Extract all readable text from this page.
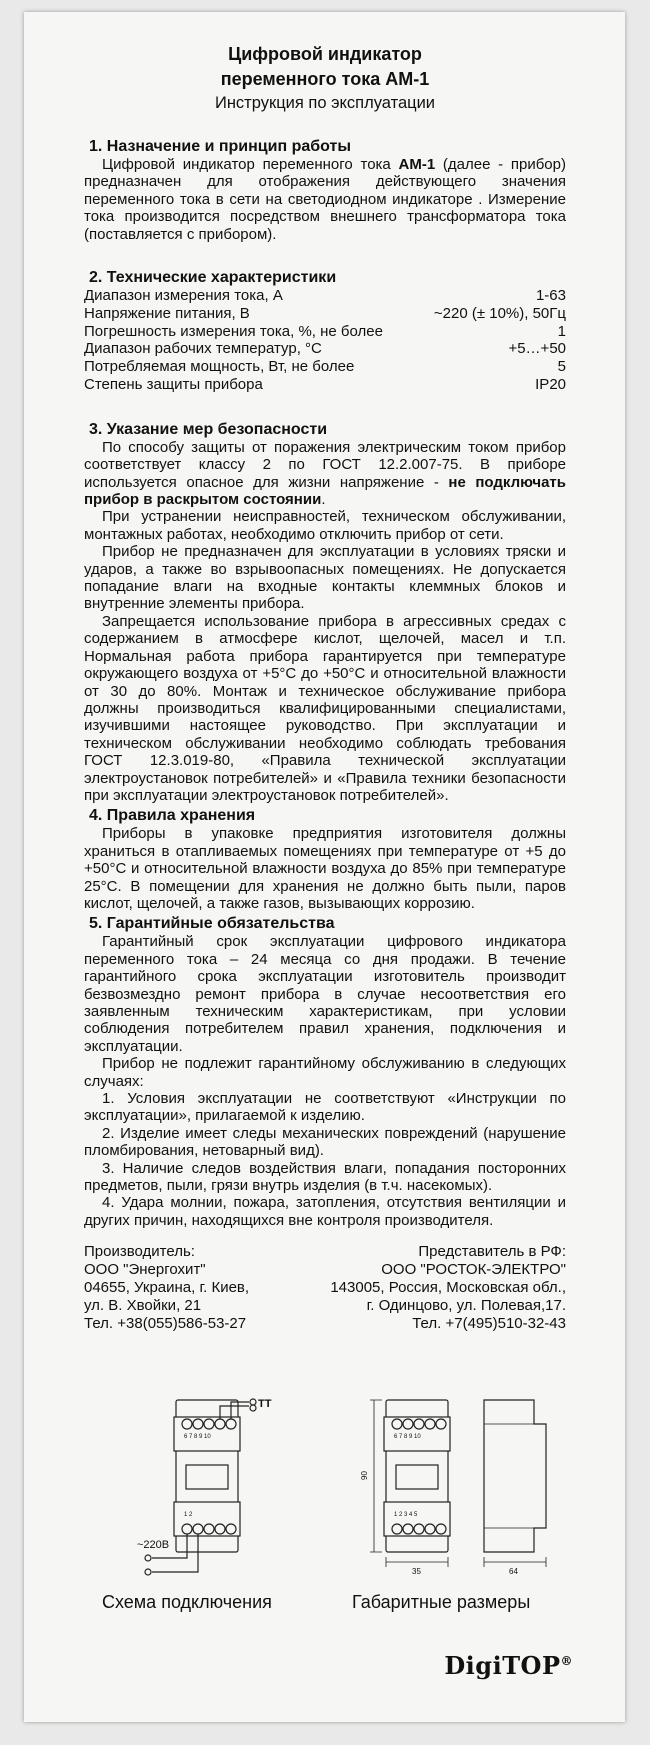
Цифровой индикатор
переменного тока АМ-1
Инструкция по эксплуатации
1. Назначение и принцип работы

Цифровой индикатор переменного тока АМ-1 (далее - прибор) предназначен для отображения действующего значения переменного тока в сети на светодиодном индикаторе . Измерение тока производится посредством внешнего трансформатора тока (поставляется с прибором).

2. Технические характеристики
Диапазон измерения тока, А	1-63
Напряжение питания, В	~220 (± 10%), 50Гц
Погрешность измерения тока, %, не более	1
Диапазон рабочих температур, °С	+5…+50
Потребляемая мощность, Вт, не более	5
Степень защиты прибора	IP20
3. Указание мер безопасности

По способу защиты от поражения электрическим током прибор соответствует классу 2 по ГОСТ 12.2.007-75. В приборе используется опасное для жизни напряжение - не подключать прибор в раскрытом состоянии.

При устранении неисправностей, техническом обслуживании, монтажных работах, необходимо отключить прибор от сети.

Прибор не предназначен для эксплуатации в условиях тряски и ударов, а также во взрывоопасных помещениях. Не допускается попадание влаги на входные контакты клеммных блоков и внутренние элементы прибора.

Запрещается использование прибора в агрессивных средах с содержанием в атмосфере кислот, щелочей, масел и т.п. Нормальная работа прибора гарантируется при температуре окружающего воздуха от +5°С до +50°С и относительной влажности от 30 до 80%. Монтаж и техническое обслуживание прибора должны производиться квалифицированными специалистами, изучившими настоящее руководство. При эксплуатации и техническом обслуживании необходимо соблюдать требования ГОСТ 12.3.019-80, «Правила технической эксплуатации электроустановок потребителей» и «Правила техники безопасности при эксплуатации электроустановок потребителей».

4. Правила хранения

Приборы в упаковке предприятия изготовителя должны храниться в отапливаемых помещениях при температуре от +5 до +50°С и относительной влажности воздуха до 85% при температуре 25°С. В помещении для хранения не должно быть пыли, паров кислот, щелочей, а также газов, вызывающих коррозию.

5. Гарантийные обязательства

Гарантийный срок эксплуатации цифрового индикатора переменного тока – 24 месяца со дня продажи. В течение гарантийного срока эксплуатации изготовитель производит безвозмездно ремонт прибора в случае несоответствия его заявленным техническим характеристикам, при условии соблюдения потребителем правил хранения, подключения и эксплуатации.

Прибор не подлежит гарантийному обслуживанию в следующих случаях:

1. Условия эксплуатации не соответствуют «Инструкции по эксплуатации», прилагаемой к изделию.

2. Изделие имеет следы механических повреждений (нарушение пломбирования, нетоварный вид).

3. Наличие следов воздействия влаги, попадания посторонних предметов, пыли, грязи внутрь изделия (в т.ч. насекомых).

4. Удара молнии, пожара, затопления, отсутствия вентиляции и других причин, находящихся вне контроля производителя.

Производитель:
ООО "Энергохит"
04655, Украина, г. Киев,
ул. В. Хвойки, 21
Тел. +38(055)586-53-27
Представитель в РФ:
ООО "РОСТОК-ЭЛЕКТРО"
143005, Россия, Московская обл.,
г. Одинцово, ул. Полевая,17.
Тел. +7(495)510-32-43
ТТ
~220В
6 7 8 9 10
1 2
90
35
6 7 8 9 10
1 2 3 4 5
64
Схема подключения	Габаритные размеры
DigiTOP®
